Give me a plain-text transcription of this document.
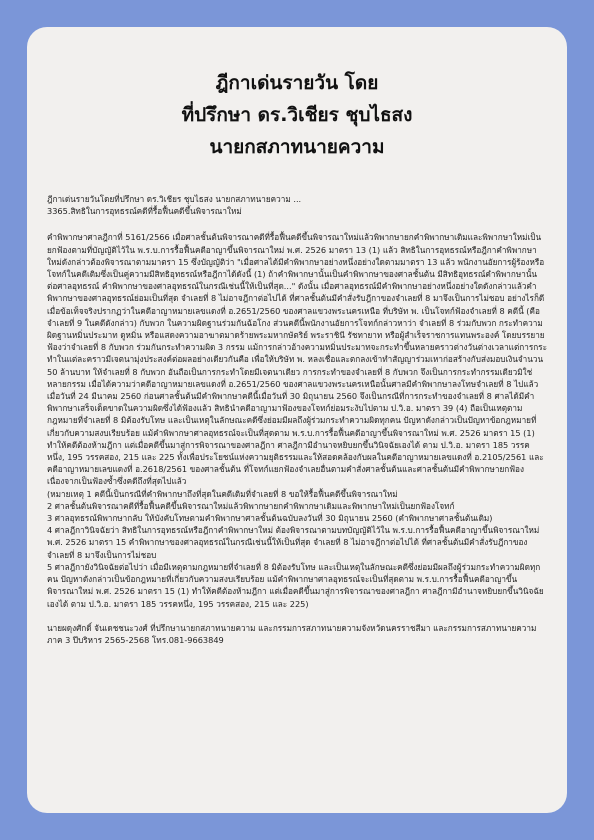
ฎีกาเด่นรายวัน โดย
ที่ปรึกษา ดร.วิเชียร ชุบไธสง
นายกสภาทนายความ

ฎีกาเด่นรายวันโดยที่ปรึกษา ดร.วิเชียร ชุบไธสง นายกสภาทนายความ ...

3365.สิทธิในการอุทธรณ์คดีที่รื้อฟื้นคดีขึ้นพิจารณาใหม่

คำพิพากษาศาลฎีกาที่ 5161/2566 เมื่อศาลชั้นต้นพิจารณาคดีที่รื้อฟื้นคดีขึ้นพิจารณาใหม่แล้วพิพากษายกคำพิพากษาเดิมและพิพากษาใหม่เป็นยกฟ้องตามที่บัญญัติไว้ใน พ.ร.บ.การรื้อฟื้นคดีอาญาขึ้นพิจารณาใหม่ พ.ศ. 2526 มาตรา 13 (1) แล้ว สิทธิในการอุทธรณ์หรือฎีกาคำพิพากษาใหม่ดังกล่าวต้องพิจารณาตามมาตรา 15 ซึ่งบัญญัติว่า "เมื่อศาลได้มีคำพิพากษาอย่างหนึ่งอย่างใดตามมาตรา 13 แล้ว พนักงานอัยการผู้ร้องหรือโจทก์ในคดีเดิมซึ่งเป็นคู่ความมีสิทธิอุทธรณ์หรือฎีกาได้ดังนี้ (1) ถ้าคำพิพากษานั้นเป็นคำพิพากษาของศาลชั้นต้น มีสิทธิอุทธรณ์คำพิพากษานั้นต่อศาลอุทธรณ์ คำพิพากษาของศาลอุทธรณ์ในกรณีเช่นนี้ให้เป็นที่สุด..." ดังนั้น เมื่อศาลอุทธรณ์มีคำพิพากษาอย่างหนึ่งอย่างใดดังกล่าวแล้วคำพิพากษาของศาลอุทธรณ์ย่อมเป็นที่สุด จำเลยที่ 8 ไม่อาจฎีกาต่อไปได้ ที่ศาลชั้นต้นมีคำสั่งรับฎีกาของจำเลยที่ 8 มาจึงเป็นการไม่ชอบ อย่างไรก็ดี เมื่อข้อเท็จจริงปรากฏว่าในคดีอาญาหมายเลขแดงที่ อ.2651/2560 ของศาลแขวงพระนครเหนือ ที่บริษัท พ. เป็นโจทก์ฟ้องจำเลยที่ 8 คดีนี้ (คือจำเลยที่ 9 ในคดีดังกล่าว) กับพวก ในความผิดฐานร่วมกันฉ้อโกง ส่วนคดีนี้พนักงานอัยการโจทก์กล่าวหาว่า จำเลยที่ 8 ร่วมกับพวก กระทำความผิดฐานหมิ่นประมาท ดูหมิ่น หรือแสดงความอาฆาตมาดร้ายพระมหากษัตริย์ พระราชินี รัชทายาท หรือผู้สำเร็จราชการแทนพระองค์ โดยบรรยายฟ้องว่าจำเลยที่ 8 กับพวก ร่วมกันกระทำความผิด 3 กรรม แม้การกล่าวอ้างความหมิ่นประมาทจะกระทำขึ้นหลายคราวต่างวันต่างเวลาแต่การกระทำในแต่ละคราวมีเจตนามุ่งประสงค์ต่อผลอย่างเดียวกันคือ เพื่อให้บริษัท พ. หลงเชื่อและตกลงเข้าทำสัญญาร่วมเหาก่อสร้างกับส่งมอบเงินจำนวน 50 ล้านบาท ให้จำเลยที่ 8 กับพวก อันถือเป็นการกระทำโดยมีเจตนาเดียว การกระทำของจำเลยที่ 8 กับพวก จึงเป็นการกระทำกรรมเดียวมิใช่หลายกรรม เมื่อได้ความว่าคดีอาญาหมายเลขแดงที่ อ.2651/2560 ของศาลแขวงพระนครเหนือนั้นศาลมีคำพิพากษาลงโทษจำเลยที่ 8 ไปแล้วเมื่อวันที่ 24 มีนาคม 2560 ก่อนศาลชั้นต้นมีคำพิพากษาคดีนี้เมื่อวันที่ 30 มิถุนายน 2560 จึงเป็นกรณีที่การกระทำของจำเลยที่ 8 ศาลได้มีคำพิพากษาเสร็จเด็ดขาดในความผิดซึ่งได้ฟ้องแล้ว สิทธินำคดีอาญามาฟ้องของโจทก์ย่อมระงับไปตาม ป.วิ.อ. มาตรา 39 (4) ถือเป็นเหตุตามกฎหมายที่จำเลยที่ 8 มิต้องรับโทษ และเป็นเหตุในลักษณะคดีซึ่งย่อมมีผลถึงผู้ร่วมกระทำความผิดทุกคน ปัญหาดังกล่าวเป็นปัญหาข้อกฎหมายที่เกี่ยวกับความสงบเรียบร้อย แม้คำพิพากษาศาลอุทธรณ์จะเป็นที่สุดตาม พ.ร.บ.การรื้อฟื้นคดีอาญาขึ้นพิจารณาใหม่ พ.ศ. 2526 มาตรา 15 (1) ทำให้คดีต้องห้ามฎีกา แต่เมื่อคดีขึ้นมาสู่การพิจารณาของศาลฎีกา ศาลฎีกามีอำนาจหยิบยกขึ้นวินิจฉัยเองได้ ตาม ป.วิ.อ. มาตรา 185 วรรคหนึ่ง, 195 วรรคสอง, 215 และ 225 ทั้งเพื่อประโยชน์แห่งความยุติธรรมและให้สอดคล้องกับผลในคดีอาญาหมายเลขแดงที่ อ.2105/2561 และคดีอาญาหมายเลขแดงที่ อ.2618/2561 ของศาลชั้นต้น ที่โจทก์แยกฟ้องจำเลยอื่นตามคำสั่งศาลชั้นต้นและศาลชั้นต้นมีคำพิพากษายกฟ้องเนื่องจากเป็นฟ้องซ้ำซึ่งคดีถึงที่สุดไปแล้ว

(หมายเหตุ 1 คดีนี้เป็นกรณีที่คำพิพากษาถึงที่สุดในคดีเดิมที่จำเลยที่ 8 ขอให้รื้อฟื้นคดีขึ้นพิจารณาใหม่

2 ศาลชั้นต้นพิจารณาคดีที่รื้อฟื้นคดีขึ้นพิจารณาใหม่แล้วพิพากษายกคำพิพากษาเดิมและพิพากษาใหม่เป็นยกฟ้องโจทก์

3 ศาลอุทธรณ์พิพากษากลับ ให้บังคับโทษตามคำพิพากษาศาลชั้นต้นฉบับลงวันที่ 30 มิถุนายน 2560 (คำพิพากษาศาลชั้นต้นเดิม)

4 ศาลฎีกาวินิจฉัยว่า สิทธิในการอุทธรณ์หรือฎีกาคำพิพากษาใหม่ ต้องพิจารณาตามบทบัญญัติไว้ใน พ.ร.บ.การรื้อฟื้นคดีอาญาขึ้นพิจารณาใหม่ พ.ศ. 2526 มาตรา 15 คำพิพากษาของศาลอุทธรณ์ในกรณีเช่นนี้ให้เป็นที่สุด จำเลยที่ 8 ไม่อาจฎีกาต่อไปได้ ที่ศาลชั้นต้นมีคำสั่งรับฎีกาของจำเลยที่ 8 มาจึงเป็นการไม่ชอบ

5 ศาลฎีกายังวินิจฉัยต่อไปว่า เมื่อมีเหตุตามกฎหมายที่จำเลยที่ 8 มิต้องรับโทษ และเป็นเหตุในลักษณะคดีซึ่งย่อมมีผลถึงผู้ร่วมกระทำความผิดทุกคน ปัญหาดังกล่าวเป็นข้อกฎหมายที่เกี่ยวกับความสงบเรียบร้อย แม้คำพิพากษาศาลอุทธรณ์จะเป็นที่สุดตาม พ.ร.บ.การรื้อฟื้นคดีอาญาขึ้นพิจารณาใหม่ พ.ศ. 2526 มาตรา 15 (1) ทำให้คดีต้องห้ามฎีกา แต่เมื่อคดีขึ้นมาสู่การพิจารณาของศาลฎีกา ศาลฎีกามีอำนาจหยิบยกขึ้นวินิจฉัยเองได้ ตาม ป.วิ.อ. มาตรา 185 วรรคหนึ่ง, 195 วรรคสอง, 215 และ 225)

นายผดุงศักดิ์ จันเดชชนะวงศ์ ที่ปรึกษานายกสภาทนายความ และกรรมการสภาทนายความจังหวัดนครราชสีมา และกรรมการสภาทนายความภาค 3 ปีบริหาร 2565-2568 โทร.081-9663849
